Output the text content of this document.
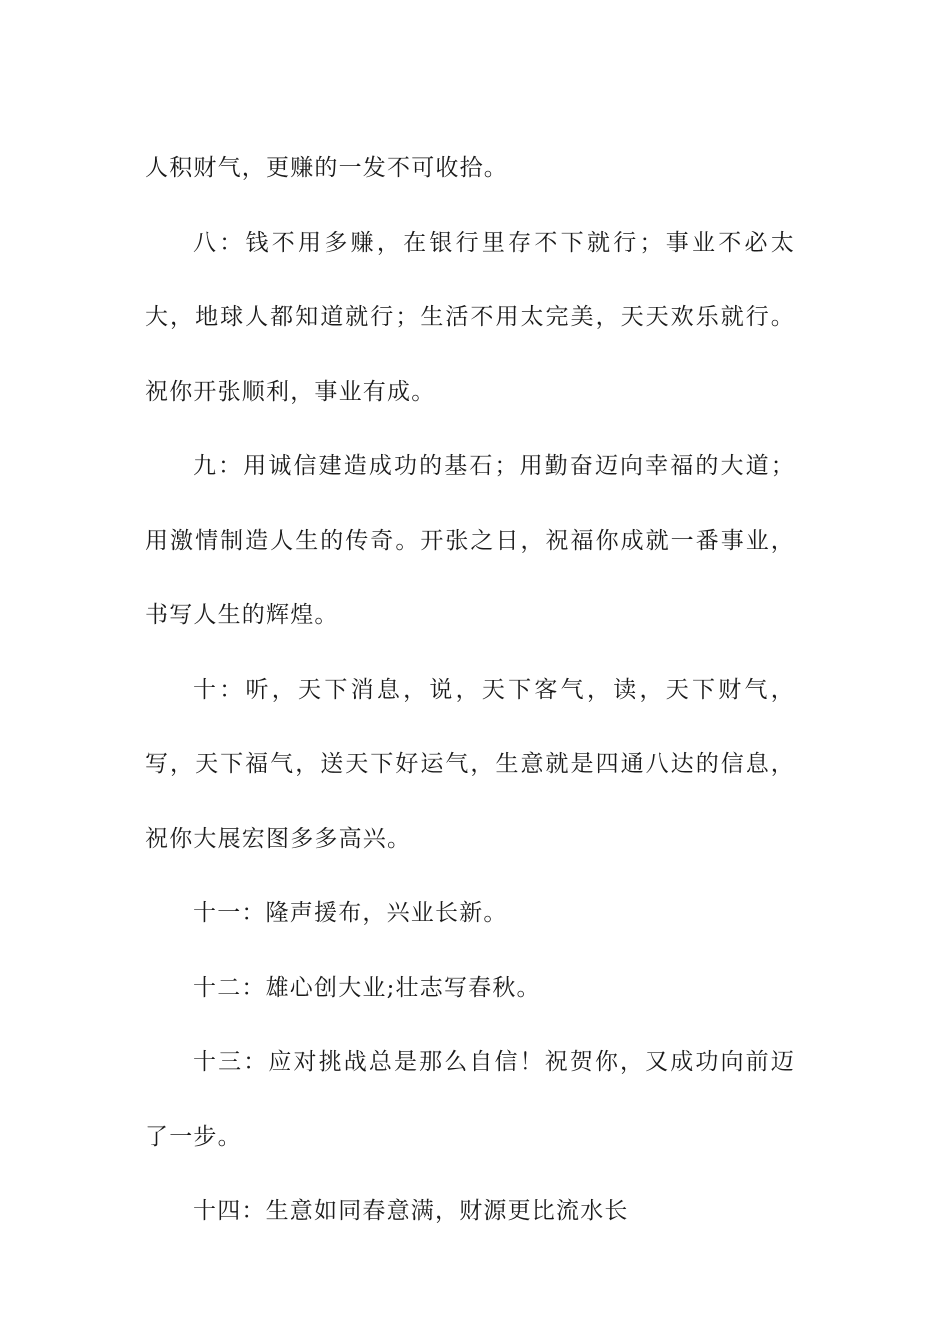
人积财气，更赚的一发不可收拾。

八：钱不用多赚，在银行里存不下就行；事业不必太大，地球人都知道就行；生活不用太完美，天天欢乐就行。祝你开张顺利，事业有成。

九：用诚信建造成功的基石；用勤奋迈向幸福的大道；用激情制造人生的传奇。开张之日，祝福你成就一番事业，书写人生的辉煌。

十：听，天下消息，说，天下客气，读，天下财气，写，天下福气，送天下好运气，生意就是四通八达的信息，祝你大展宏图多多高兴。

十一：隆声援布，兴业长新。

十二：雄心创大业;壮志写春秋。

十三：应对挑战总是那么自信！祝贺你，又成功向前迈了一步。

十四：生意如同春意满，财源更比流水长
